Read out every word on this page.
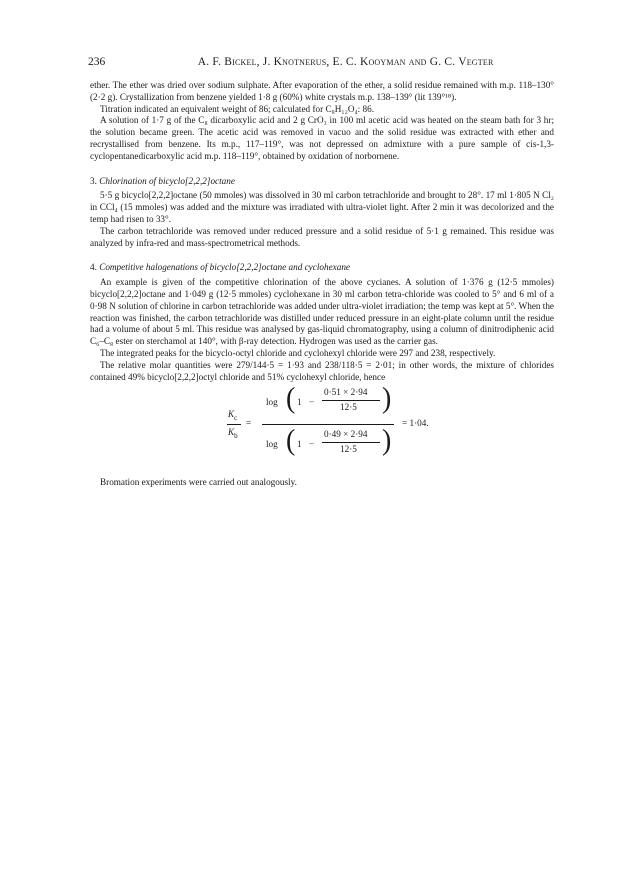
236	A. F. Bickel, J. Knotnerus, E. C. Kooyman and G. C. Vegter

ether. The ether was dried over sodium sulphate. After evaporation of the ether, a solid residue remained with m.p. 118–130° (2·2 g). Crystallization from benzene yielded 1·8 g (60%) white crystals m.p. 138–139° (lit 139°¹⁸).

Titration indicated an equivalent weight of 86; calculated for C₈H₁₂O₄: 86.

A solution of 1·7 g of the C₈ dicarboxylic acid and 2 g CrO₃ in 100 ml acetic acid was heated on the steam bath for 3 hr; the solution became green. The acetic acid was removed in vacuo and the solid residue was extracted with ether and recrystallised from benzene. Its m.p., 117–119°, was not depressed on admixture with a pure sample of cis-1,3-cyclopentanedicarboxylic acid m.p. 118–119°, obtained by oxidation of norbornene.

3. Chlorination of bicyclo[2,2,2]octane

5·5 g bicyclo[2,2,2]octane (50 mmoles) was dissolved in 30 ml carbon tetrachloride and brought to 28°. 17 ml 1·805 N Cl₂ in CCl₄ (15 mmoles) was added and the mixture was irradiated with ultra-violet light. After 2 min it was decolorized and the temp had risen to 33°.

The carbon tetrachloride was removed under reduced pressure and a solid residue of 5·1 g remained. This residue was analyzed by infra-red and mass-spectrometrical methods.

4. Competitive halogenations of bicyclo[2,2,2]octane and cyclohexane

An example is given of the competitive chlorination of the above cycianes. A solution of 1·376 g (12·5 mmoles) bicyclo[2,2,2]octane and 1·049 g (12·5 mmoles) cyclohexane in 30 ml carbon tetra-chloride was cooled to 5° and 6 ml of a 0·98 N solution of chlorine in carbon tetrachloride was added under ultra-violet irradiation; the temp was kept at 5°. When the reaction was finished, the carbon tetrachloride was distilled under reduced pressure in an eight-plate column until the residue had a volume of about 5 ml. This residue was analysed by gas-liquid chromatography, using a column of dinitrodiphenic acid C₆–C₈ ester on sterchamol at 140°, with β-ray detection. Hydrogen was used as the carrier gas.

The integrated peaks for the bicyclo-octyl chloride and cyclohexyl chloride were 297 and 238, respectively.

The relative molar quantities were 279/144·5 = 1·93 and 238/118·5 = 2·01; in other words, the mixture of chlorides contained 49% bicyclo[2,2,2]octyl chloride and 51% cyclohexyl chloride, hence

$K_c$
$K_b$
=
log ( 1 −
0·51 × 2·94
12·5 )
log ( 1 −
0·49 × 2·94
12·5 )
= 1·04.

Bromation experiments were carried out analogously.
